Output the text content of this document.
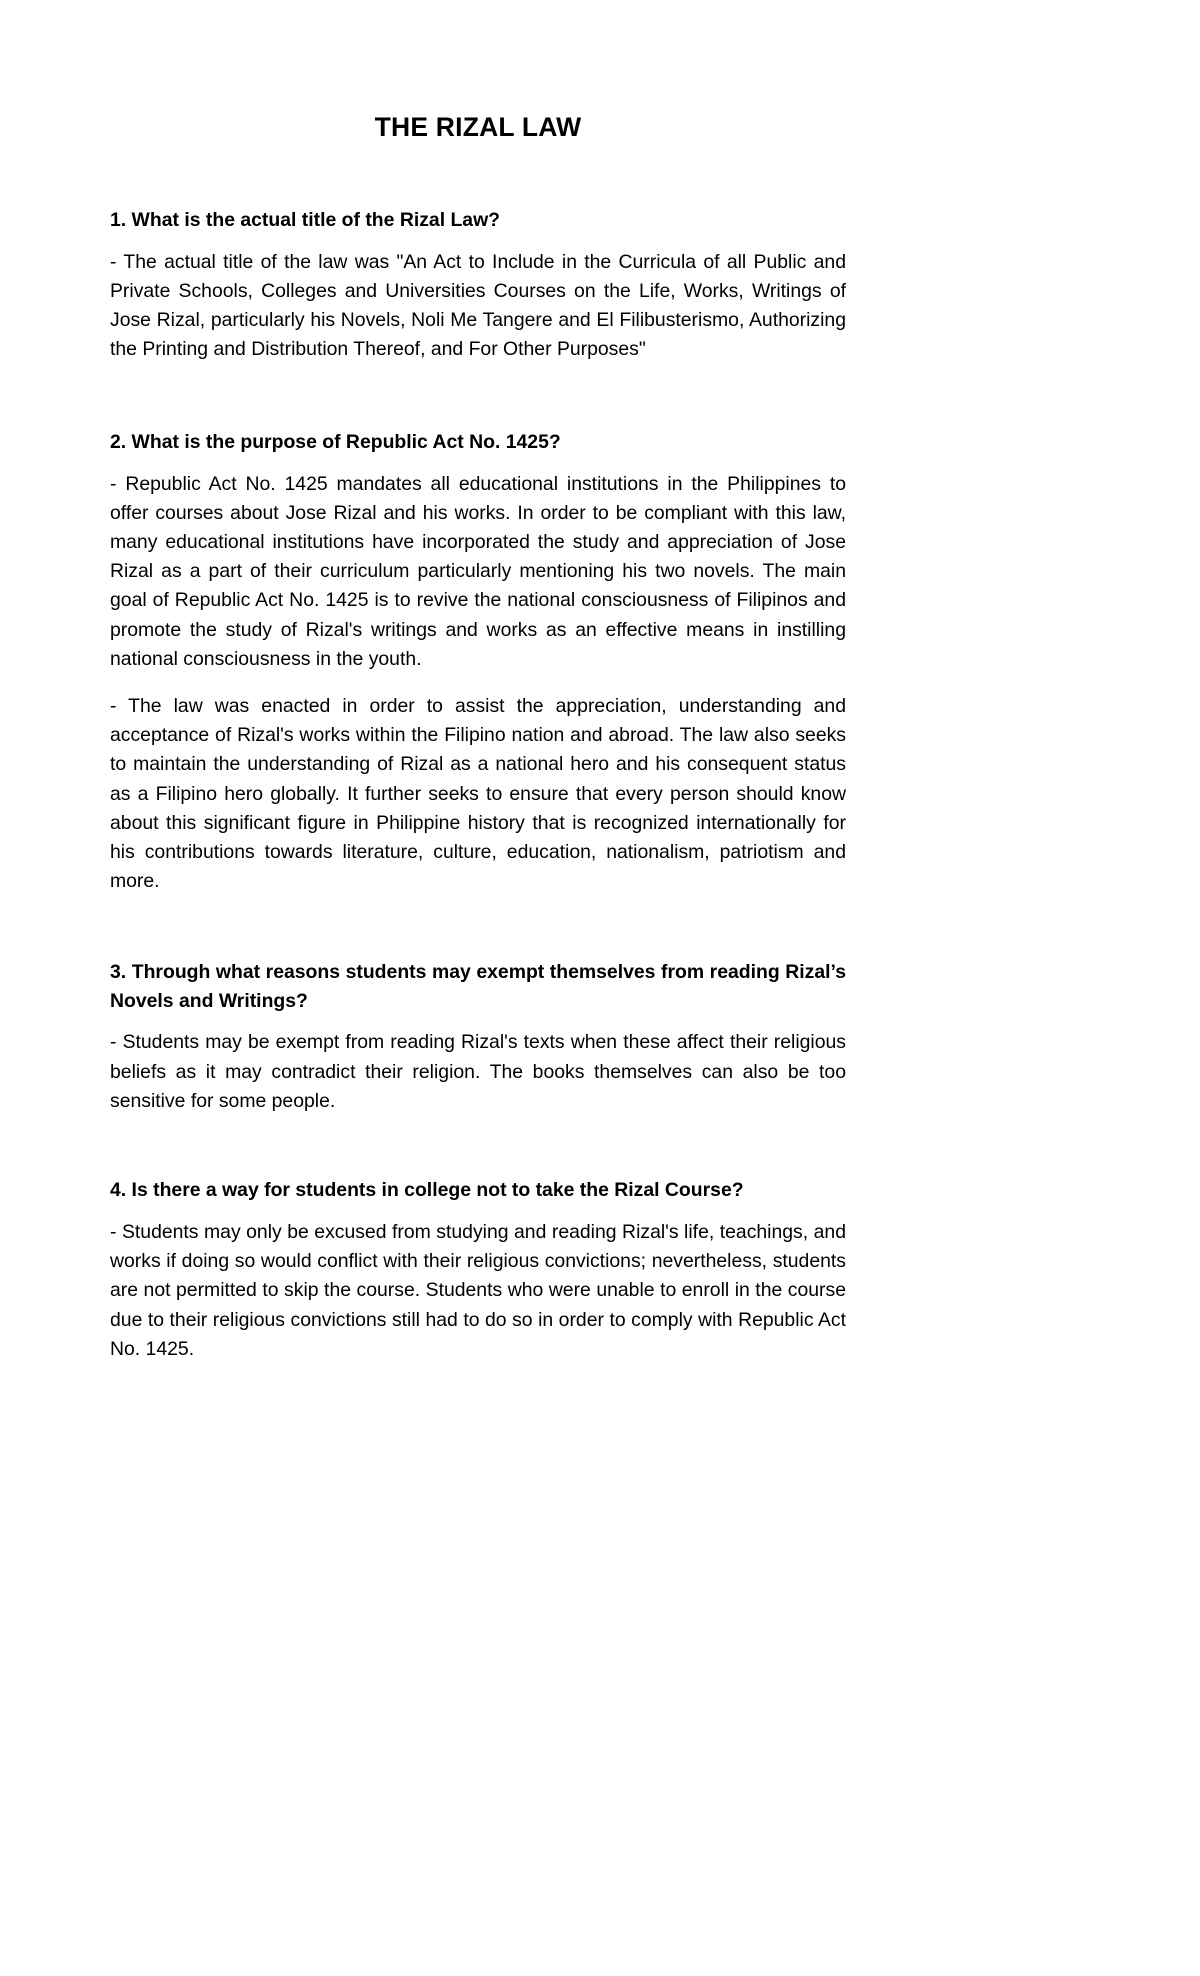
THE RIZAL LAW
1. What is the actual title of the Rizal Law?

- The actual title of the law was "An Act to Include in the Curricula of all Public and Private Schools, Colleges and Universities Courses on the Life, Works, Writings of Jose Rizal, particularly his Novels, Noli Me Tangere and El Filibusterismo, Authorizing the Printing and Distribution Thereof, and For Other Purposes"

2. What is the purpose of Republic Act No. 1425?

- Republic Act No. 1425 mandates all educational institutions in the Philippines to offer courses about Jose Rizal and his works. In order to be compliant with this law, many educational institutions have incorporated the study and appreciation of Jose Rizal as a part of their curriculum particularly mentioning his two novels. The main goal of Republic Act No. 1425 is to revive the national consciousness of Filipinos and promote the study of Rizal's writings and works as an effective means in instilling national consciousness in the youth.

- The law was enacted in order to assist the appreciation, understanding and acceptance of Rizal's works within the Filipino nation and abroad. The law also seeks to maintain the understanding of Rizal as a national hero and his consequent status as a Filipino hero globally. It further seeks to ensure that every person should know about this significant figure in Philippine history that is recognized internationally for his contributions towards literature, culture, education, nationalism, patriotism and more.

3. Through what reasons students may exempt themselves from reading Rizal’s Novels and Writings?

- Students may be exempt from reading Rizal's texts when these affect their religious beliefs as it may contradict their religion. The books themselves can also be too sensitive for some people.

4. Is there a way for students in college not to take the Rizal Course?

- Students may only be excused from studying and reading Rizal's life, teachings, and works if doing so would conflict with their religious convictions; nevertheless, students are not permitted to skip the course. Students who were unable to enroll in the course due to their religious convictions still had to do so in order to comply with Republic Act No. 1425.
